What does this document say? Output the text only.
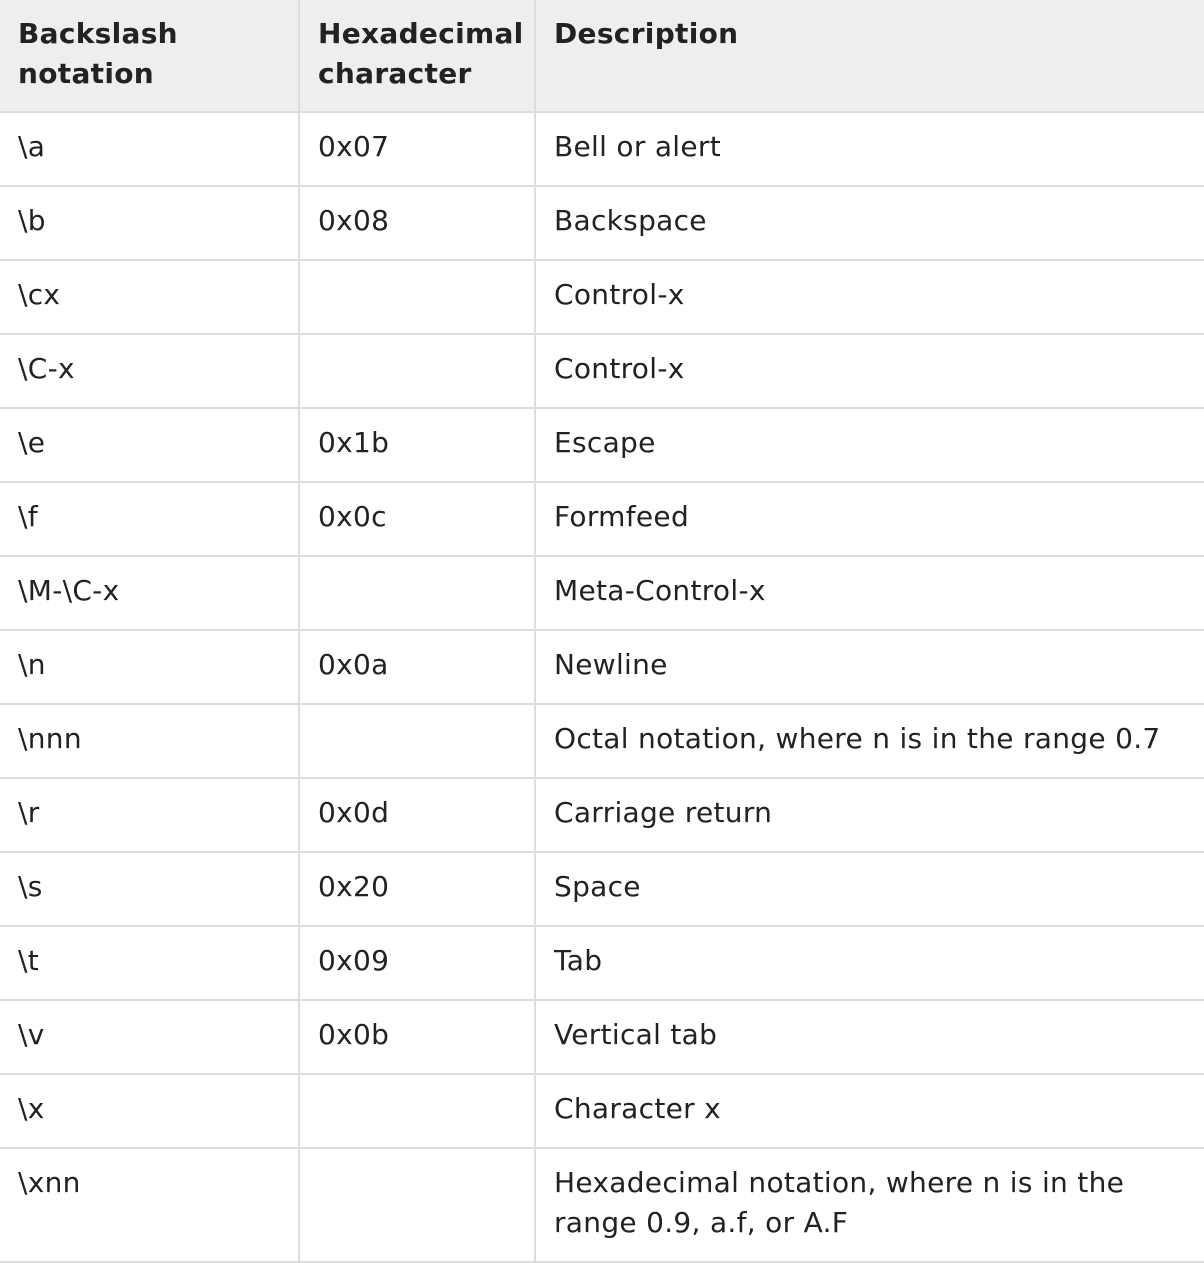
Backslash notation	Hexadecimal character	Description
\a	0x07	Bell or alert
\b	0x08	Backspace
\cx		Control-x
\C-x		Control-x
\e	0x1b	Escape
\f	0x0c	Formfeed
\M-\C-x		Meta-Control-x
\n	0x0a	Newline
\nnn		Octal notation, where n is in the range 0.7
\r	0x0d	Carriage return
\s	0x20	Space
\t	0x09	Tab
\v	0x0b	Vertical tab
\x		Character x
\xnn		Hexadecimal notation, where n is in the range 0.9, a.f, or A.F
